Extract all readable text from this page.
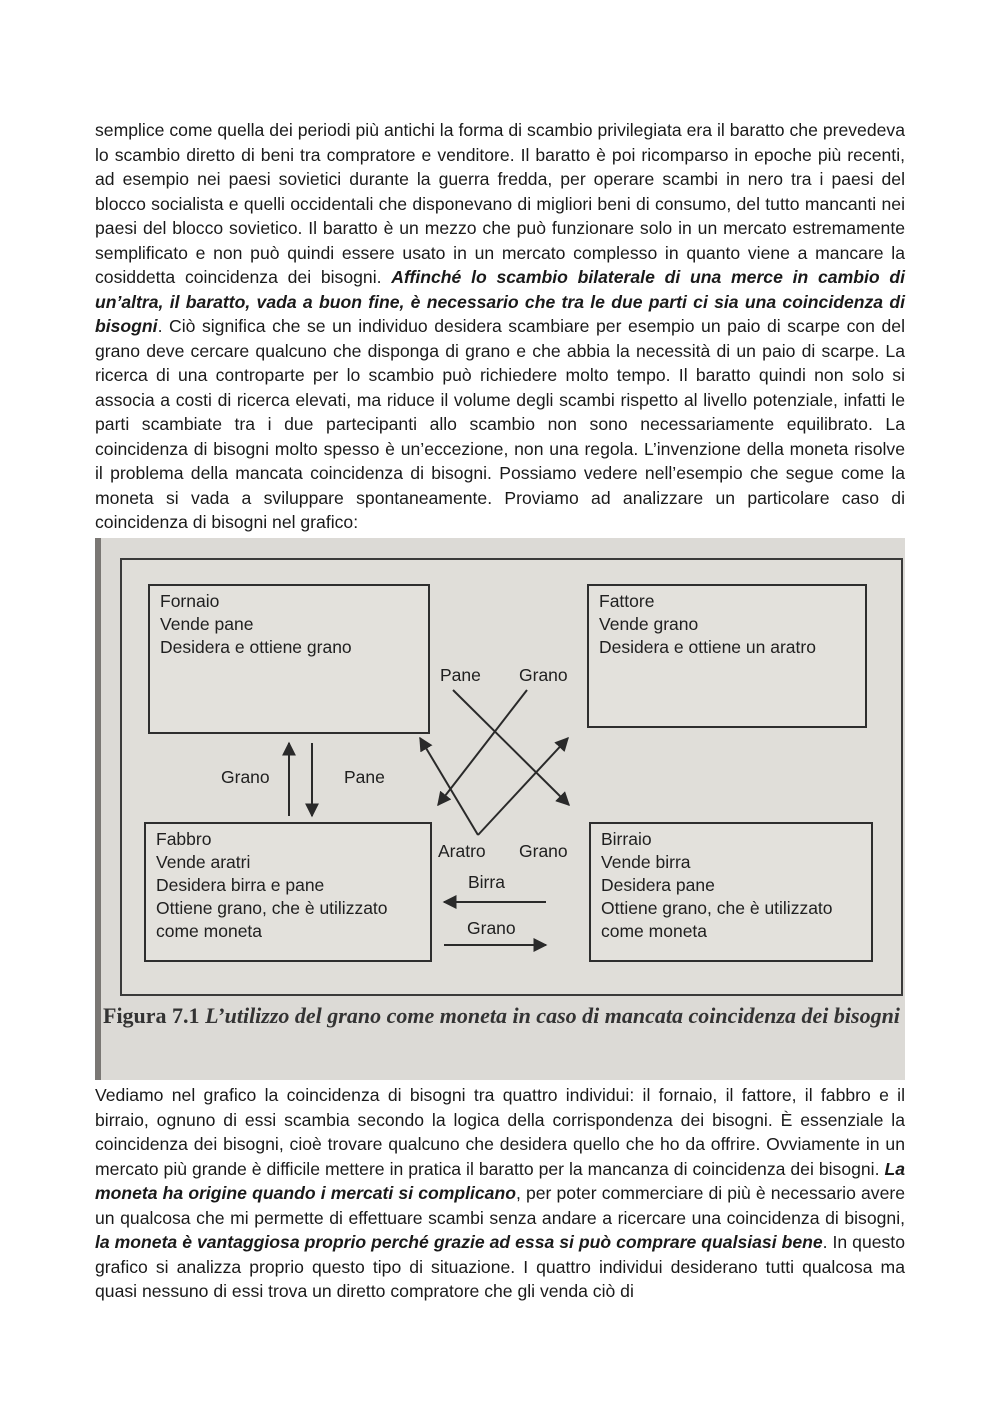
semplice come quella dei periodi più antichi la forma di scambio privilegiata era il baratto che prevedeva lo scambio diretto di beni tra compratore e venditore. Il baratto è poi ricomparso in epoche più recenti, ad esempio nei paesi sovietici durante la guerra fredda, per operare scambi in nero tra i paesi del blocco socialista e quelli occidentali che disponevano di migliori beni di consumo, del tutto mancanti nei paesi del blocco sovietico. Il baratto è un mezzo che può funzionare solo in un mercato estremamente semplificato e non può quindi essere usato in un mercato complesso in quanto viene a mancare la cosiddetta coincidenza dei bisogni. Affinché lo scambio bilaterale di una merce in cambio di un’altra, il baratto, vada a buon fine, è necessario che tra le due parti ci sia una coincidenza di bisogni. Ciò significa che se un individuo desidera scambiare per esempio un paio di scarpe con del grano deve cercare qualcuno che disponga di grano e che abbia la necessità di un paio di scarpe. La ricerca di una controparte per lo scambio può richiedere molto tempo. Il baratto quindi non solo si associa a costi di ricerca elevati, ma riduce il volume degli scambi rispetto al livello potenziale, infatti le parti scambiate tra i due partecipanti allo scambio non sono necessariamente equilibrato. La coincidenza di bisogni molto spesso è un’eccezione, non una regola. L’invenzione della moneta risolve il problema della mancata coincidenza di bisogni. Possiamo vedere nell’esempio che segue come la moneta si vada a sviluppare spontaneamente. Proviamo ad analizzare un particolare caso di coincidenza di bisogni nel grafico:

Fornaio
Vende pane
Desidera e ottiene grano
Fattore
Vende grano
Desidera e ottiene un aratro
Fabbro
Vende aratri
Desidera birra e pane
Ottiene grano, che è utilizzato
come moneta
Birraio
Vende birra
Desidera pane
Ottiene grano, che è utilizzato
come moneta
Pane Grano
Grano	Pane
Aratro Grano
Birra
Grano
Figura 7.1 L’utilizzo del grano come moneta in caso di mancata coincidenza dei bisogni

Vediamo nel grafico la coincidenza di bisogni tra quattro individui: il fornaio, il fattore, il fabbro e il birraio, ognuno di essi scambia secondo la logica della corrispondenza dei bisogni. È essenziale la coincidenza dei bisogni, cioè trovare qualcuno che desidera quello che ho da offrire. Ovviamente in un mercato più grande è difficile mettere in pratica il baratto per la mancanza di coincidenza dei bisogni. La moneta ha origine quando i mercati si complicano, per poter commerciare di più è necessario avere un qualcosa che mi permette di effettuare scambi senza andare a ricercare una coincidenza di bisogni, la moneta è vantaggiosa proprio perché grazie ad essa si può comprare qualsiasi bene. In questo grafico si analizza proprio questo tipo di situazione. I quattro individui desiderano tutti qualcosa ma quasi nessuno di essi trova un diretto compratore che gli venda ciò di
